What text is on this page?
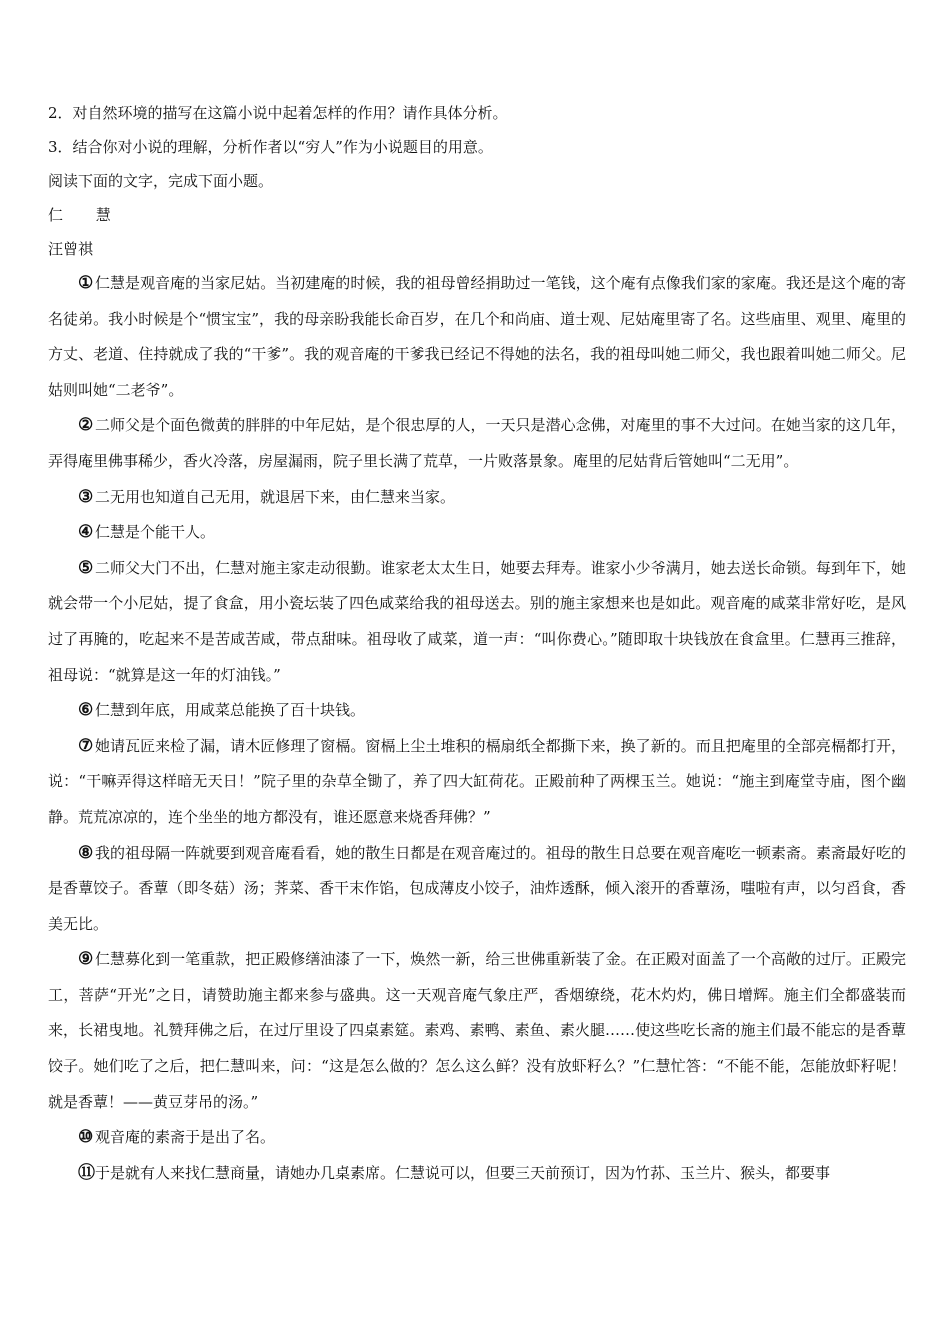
2．对自然环境的描写在这篇小说中起着怎样的作用？请作具体分析。

3．结合你对小说的理解，分析作者以“穷人”作为小说题目的用意。

阅读下面的文字，完成下面小题。

仁 慧

汪曾祺

① 仁慧是观音庵的当家尼姑。当初建庵的时候，我的祖母曾经捐助过一笔钱，这个庵有点像我们家的家庵。我还是这个庵的寄名徒弟。我小时候是个“惯宝宝”，我的母亲盼我能长命百岁，在几个和尚庙、道士观、尼姑庵里寄了名。这些庙里、观里、庵里的方丈、老道、住持就成了我的“干爹”。我的观音庵的干爹我已经记不得她的法名，我的祖母叫她二师父，我也跟着叫她二师父。尼姑则叫她“二老爷”。

② 二师父是个面色微黄的胖胖的中年尼姑，是个很忠厚的人，一天只是潜心念佛，对庵里的事不大过问。在她当家的这几年，弄得庵里佛事稀少，香火冷落，房屋漏雨，院子里长满了荒草，一片败落景象。庵里的尼姑背后管她叫“二无用”。

③ 二无用也知道自己无用，就退居下来，由仁慧来当家。

④ 仁慧是个能干人。

⑤ 二师父大门不出，仁慧对施主家走动很勤。谁家老太太生日，她要去拜寿。谁家小少爷满月，她去送长命锁。每到年下，她就会带一个小尼姑，提了食盒，用小瓷坛装了四色咸菜给我的祖母送去。别的施主家想来也是如此。观音庵的咸菜非常好吃，是风过了再腌的，吃起来不是苦咸苦咸，带点甜味。祖母收了咸菜，道一声：“叫你费心。”随即取十块钱放在食盒里。仁慧再三推辞，祖母说：“就算是这一年的灯油钱。”

⑥ 仁慧到年底，用咸菜总能换了百十块钱。

⑦ 她请瓦匠来检了漏，请木匠修理了窗槅。窗槅上尘土堆积的槅扇纸全都撕下来，换了新的。而且把庵里的全部亮槅都打开，说：“干嘛弄得这样暗无天日！”院子里的杂草全锄了，养了四大缸荷花。正殿前种了两棵玉兰。她说：“施主到庵堂寺庙，图个幽静。荒荒凉凉的，连个坐坐的地方都没有，谁还愿意来烧香拜佛？”

⑧ 我的祖母隔一阵就要到观音庵看看，她的散生日都是在观音庵过的。祖母的散生日总要在观音庵吃一顿素斋。素斋最好吃的是香蕈饺子。香蕈（即冬菇）汤；荠菜、香干末作馅，包成薄皮小饺子，油炸透酥，倾入滚开的香蕈汤，嗤啦有声，以匀舀食，香美无比。

⑨ 仁慧募化到一笔重款，把正殿修缮油漆了一下，焕然一新，给三世佛重新装了金。在正殿对面盖了一个高敞的过厅。正殿完工，菩萨“开光”之日，请赞助施主都来参与盛典。这一天观音庵气象庄严，香烟缭绕，花木灼灼，佛日增辉。施主们全都盛装而来，长裙曳地。礼赞拜佛之后，在过厅里设了四桌素筵。素鸡、素鸭、素鱼、素火腿……使这些吃长斋的施主们最不能忘的是香蕈饺子。她们吃了之后，把仁慧叫来，问：“这是怎么做的？怎么这么鲜？没有放虾籽么？”仁慧忙答：“不能不能，怎能放虾籽呢！就是香蕈！——黄豆芽吊的汤。”

⑩ 观音庵的素斋于是出了名。

⑪于是就有人来找仁慧商量，请她办几桌素席。仁慧说可以，但要三天前预订，因为竹荪、玉兰片、猴头，都要事
